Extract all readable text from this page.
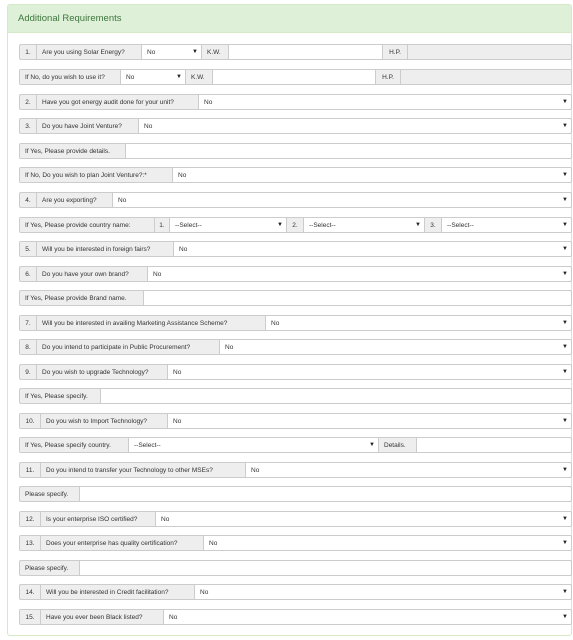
Additional Requirements
1.	Are you using Solar Energy?	No	▼	K.W.	H.P.
If No, do you wish to use it?	No	▼	K.W.	H.P.
2.	Have you got energy audit done for your unit?	No	▼
3.	Do you have Joint Venture?	No	▼
If Yes, Please provide details.
If No, Do you wish to plan Joint Venture?:*	No	▼
4.	Are you exporting?	No	▼
If Yes, Please provide country name:	1.	--Select--	▼	2.	--Select--	▼	3.	--Select--	▼
5.	Will you be interested in foreign fairs?	No	▼
6.	Do you have your own brand?	No	▼
If Yes, Please provide Brand name.
7.	Will you be interested in availing Marketing Assistance Scheme?	No	▼
8.	Do you intend to participate in Public Procurement?	No	▼
9.	Do you wish to upgrade Technology?	No	▼
If Yes, Please specify.
10.	Do you wish to Import Technology?	No	▼
If Yes, Please specify country.	--Select--	▼	Details.
11.	Do you intend to transfer your Technology to other MSEs?	No	▼
Please specify.
12.	Is your enterprise ISO certified?	No	▼
13.	Does your enterprise has quality certification?	No	▼
Please specify.
14.	Will you be interested in Credit facilitation?	No	▼
15.	Have you ever been Black listed?	No	▼
